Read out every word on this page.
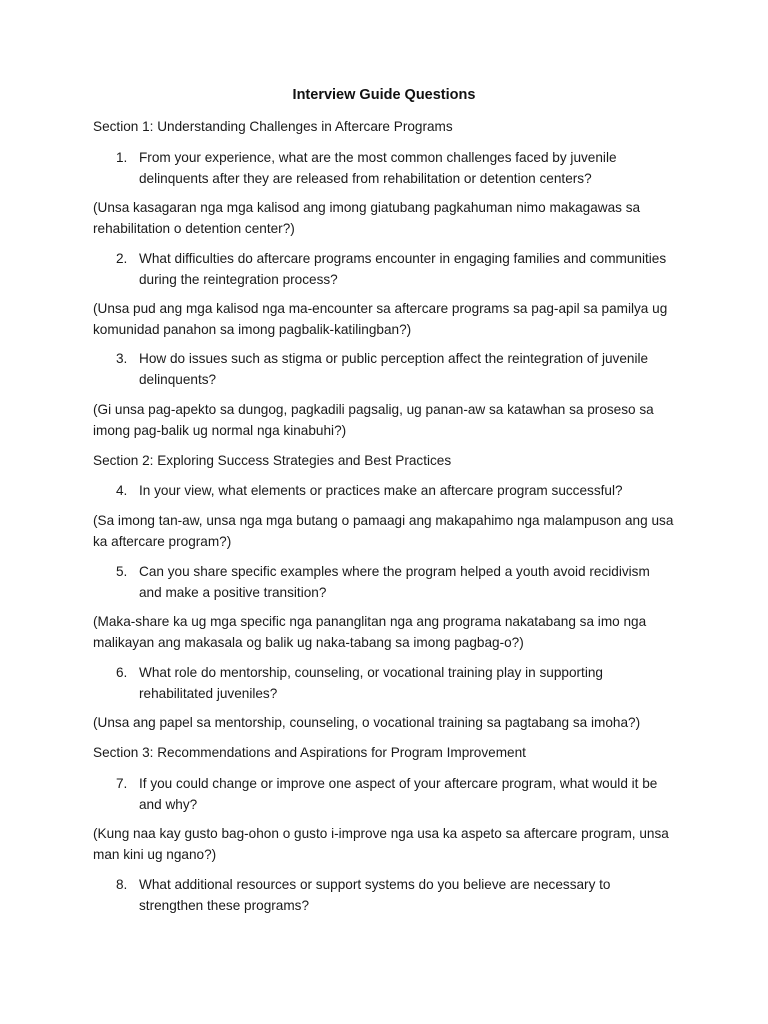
Interview Guide Questions
Section 1: Understanding Challenges in Aftercare Programs
1. From your experience, what are the most common challenges faced by juvenile delinquents after they are released from rehabilitation or detention centers?
(Unsa kasagaran nga mga kalisod ang imong giatubang pagkahuman nimo makagawas sa rehabilitation o detention center?)
2. What difficulties do aftercare programs encounter in engaging families and communities during the reintegration process?
(Unsa pud ang mga kalisod nga ma-encounter sa aftercare programs sa pag-apil sa pamilya ug komunidad panahon sa imong pagbalik-katilingban?)
3. How do issues such as stigma or public perception affect the reintegration of juvenile delinquents?
(Gi unsa pag-apekto sa dungog, pagkadili pagsalig, ug panan-aw sa katawhan sa proseso sa imong pag-balik ug normal nga kinabuhi?)
Section 2: Exploring Success Strategies and Best Practices
4. In your view, what elements or practices make an aftercare program successful?
(Sa imong tan-aw, unsa nga mga butang o pamaagi ang makapahimo nga malampuson ang usa ka aftercare program?)
5. Can you share specific examples where the program helped a youth avoid recidivism and make a positive transition?
(Maka-share ka ug mga specific nga pananglitan nga ang programa nakatabang sa imo nga malikayan ang makasala og balik ug naka-tabang sa imong pagbag-o?)
6. What role do mentorship, counseling, or vocational training play in supporting rehabilitated juveniles?
(Unsa ang papel sa mentorship, counseling, o vocational training sa pagtabang sa imoha?)
Section 3: Recommendations and Aspirations for Program Improvement
7. If you could change or improve one aspect of your aftercare program, what would it be and why?
(Kung naa kay gusto bag-ohon o gusto i-improve nga usa ka aspeto sa aftercare program, unsa man kini ug ngano?)
8. What additional resources or support systems do you believe are necessary to strengthen these programs?
